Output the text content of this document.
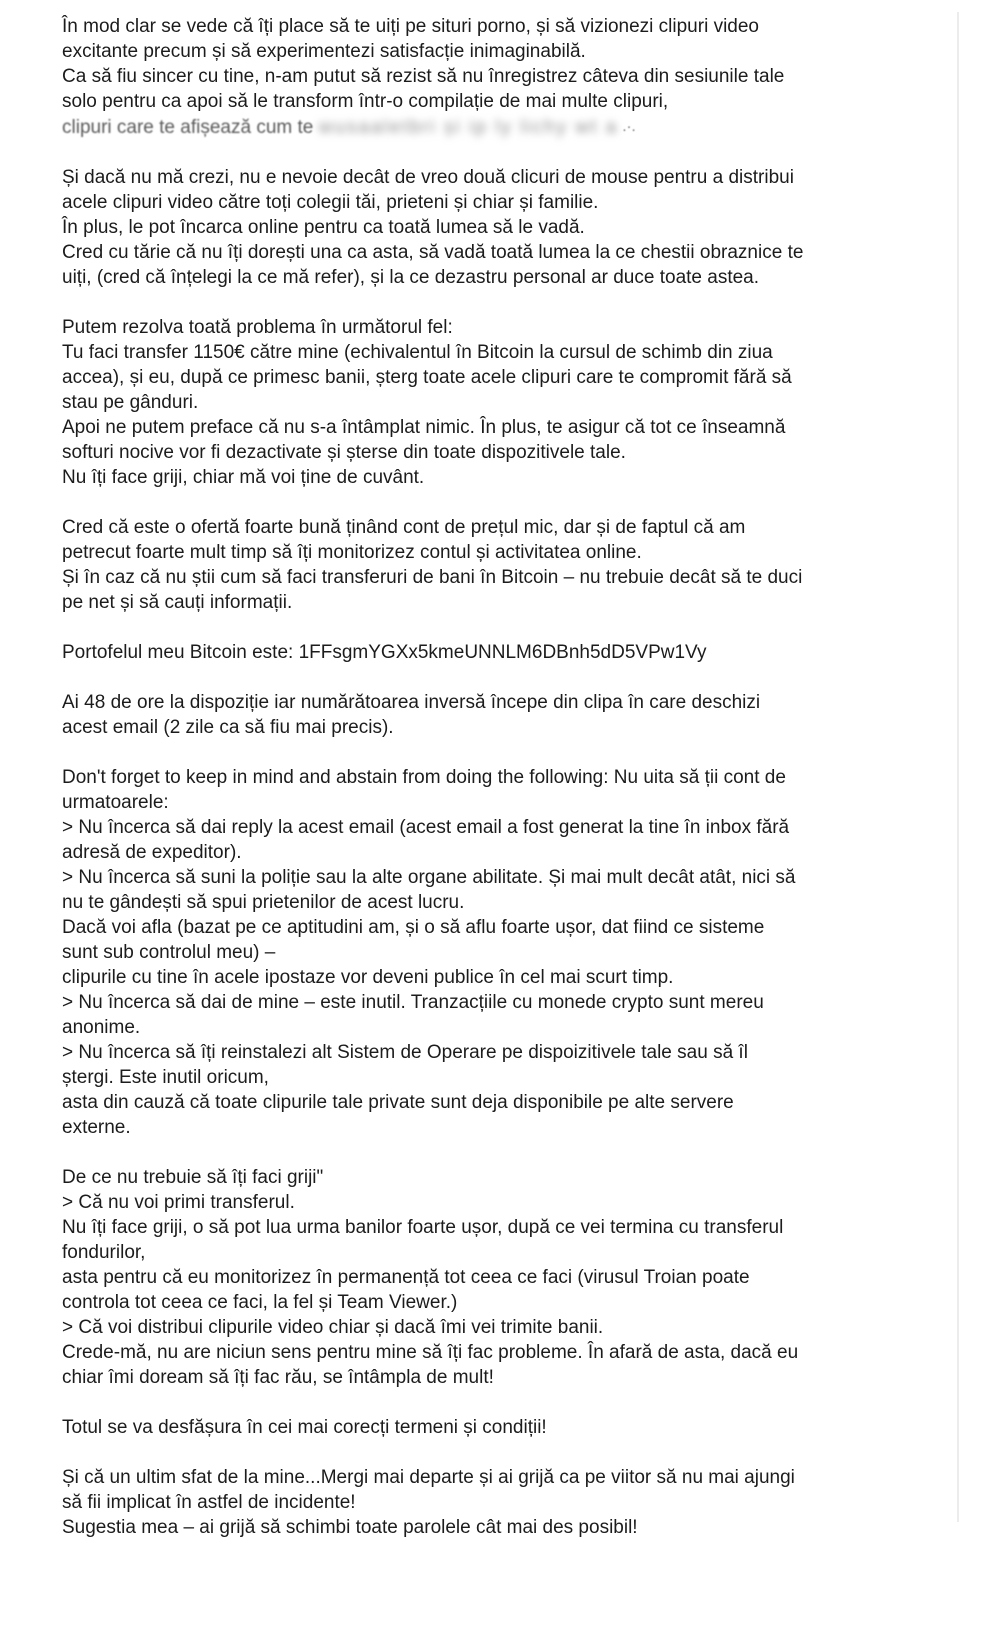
În mod clar se vede că îți place să te uiți pe situri porno, și să vizionezi clipuri video
excitante precum și să experimentezi satisfacție inimaginabilă.
Ca să fiu sincer cu tine, n-am putut să rezist să nu înregistrez câteva din sesiunile tale
solo pentru ca apoi să le transform într-o compilație de mai multe clipuri,
clipuri care te afișează cum te wusaaletbri și ip ly lichy wt a .·.
Și dacă nu mă crezi, nu e nevoie decât de vreo două clicuri de mouse pentru a distribui
acele clipuri video către toți colegii tăi, prieteni și chiar și familie.
În plus, le pot încarca online pentru ca toată lumea să le vadă.
Cred cu tărie că nu îți dorești una ca asta, să vadă toată lumea la ce chestii obraznice te
uiți, (cred că înțelegi la ce mă refer), și la ce dezastru personal ar duce toate astea.
Putem rezolva toată problema în următorul fel:
Tu faci transfer 1150€ către mine (echivalentul în Bitcoin la cursul de schimb din ziua
accea), și eu, după ce primesc banii, șterg toate acele clipuri care te compromit fără să
stau pe gânduri.
Apoi ne putem preface că nu s-a întâmplat nimic. În plus, te asigur că tot ce înseamnă
softuri nocive vor fi dezactivate și șterse din toate dispozitivele tale.
Nu îți face griji, chiar mă voi ține de cuvânt.
Cred că este o ofertă foarte bună ținând cont de prețul mic, dar și de faptul că am
petrecut foarte mult timp să îți monitorizez contul și activitatea online.
Și în caz că nu știi cum să faci transferuri de bani în Bitcoin – nu trebuie decât să te duci
pe net și să cauți informații.
Portofelul meu Bitcoin este: 1FFsgmYGXx5kmeUNNLM6DBnh5dD5VPw1Vy
Ai 48 de ore la dispoziție iar numărătoarea inversă începe din clipa în care deschizi
acest email (2 zile ca să fiu mai precis).
Don't forget to keep in mind and abstain from doing the following: Nu uita să ții cont de
urmatoarele:
> Nu încerca să dai reply la acest email (acest email a fost generat la tine în inbox fără
adresă de expeditor).
> Nu încerca să suni la poliție sau la alte organe abilitate. Și mai mult decât atât, nici să
nu te gândești să spui prietenilor de acest lucru.
Dacă voi afla (bazat pe ce aptitudini am, și o să aflu foarte ușor, dat fiind ce sisteme
sunt sub controlul meu) –
clipurile cu tine în acele ipostaze vor deveni publice în cel mai scurt timp.
> Nu încerca să dai de mine – este inutil. Tranzacțiile cu monede crypto sunt mereu
anonime.
> Nu încerca să îți reinstalezi alt Sistem de Operare pe dispoizitivele tale sau să îl
ștergi. Este inutil oricum,
asta din cauză că toate clipurile tale private sunt deja disponibile pe alte servere
externe.
De ce nu trebuie să îți faci griji"
> Că nu voi primi transferul.
Nu îți face griji, o să pot lua urma banilor foarte ușor, după ce vei termina cu transferul
fondurilor,
asta pentru că eu monitorizez în permanență tot ceea ce faci (virusul Troian poate
controla tot ceea ce faci, la fel și Team Viewer.)
> Că voi distribui clipurile video chiar și dacă îmi vei trimite banii.
Crede-mă, nu are niciun sens pentru mine să îți fac probleme. În afară de asta, dacă eu
chiar îmi doream să îți fac rău, se întâmpla de mult!
Totul se va desfășura în cei mai corecți termeni și condiții!
Și că un ultim sfat de la mine...Mergi mai departe și ai grijă ca pe viitor să nu mai ajungi
să fii implicat în astfel de incidente!
Sugestia mea – ai grijă să schimbi toate parolele cât mai des posibil!
